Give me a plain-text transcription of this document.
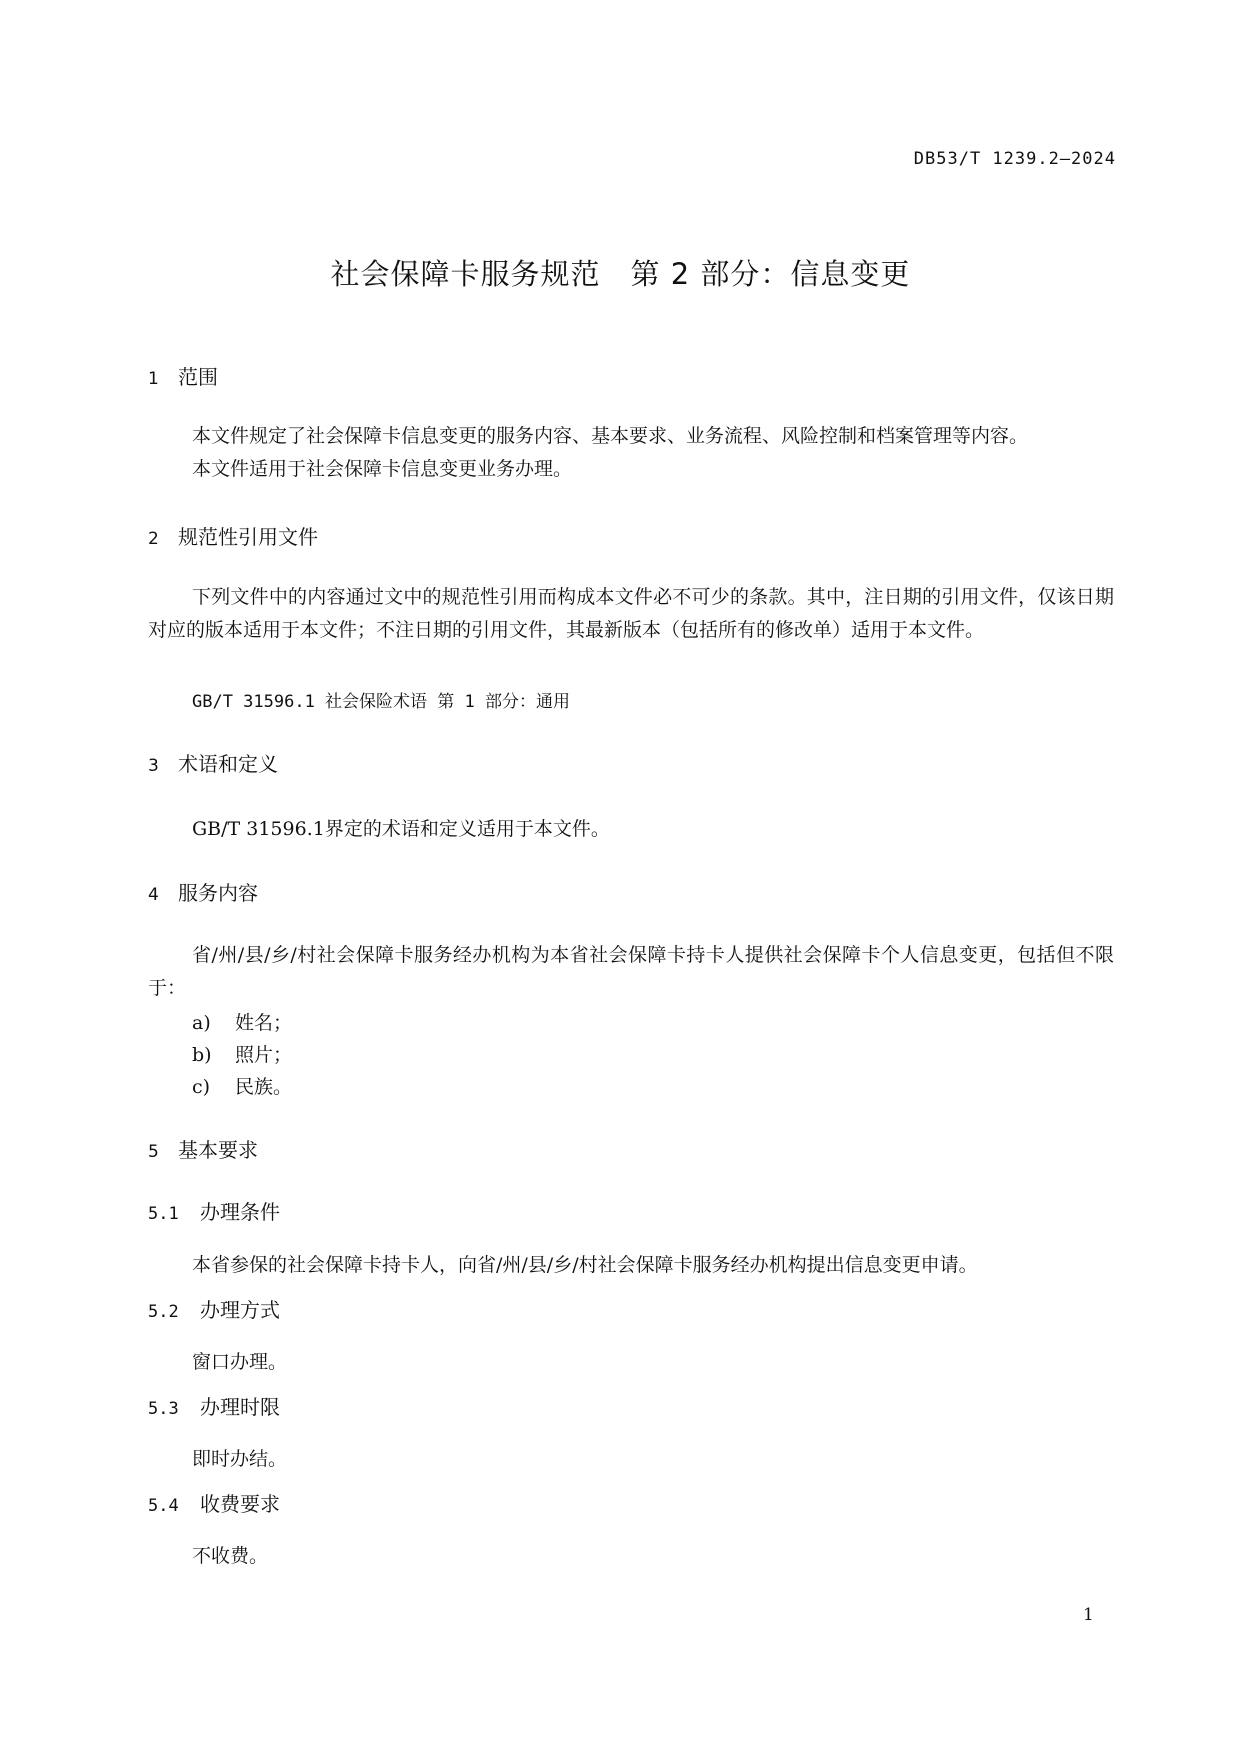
DB53/T 1239.2—2024
社会保障卡服务规范　第 2 部分：信息变更
1 范围
本文件规定了社会保障卡信息变更的服务内容、基本要求、业务流程、风险控制和档案管理等内容。
本文件适用于社会保障卡信息变更业务办理。
2 规范性引用文件
下列文件中的内容通过文中的规范性引用而构成本文件必不可少的条款。其中，注日期的引用文件，仅该日期对应的版本适用于本文件；不注日期的引用文件，其最新版本（包括所有的修改单）适用于本文件。
GB/T 31596.1 社会保险术语 第 1 部分：通用
3 术语和定义
GB/T 31596.1界定的术语和定义适用于本文件。
4 服务内容
省/州/县/乡/村社会保障卡服务经办机构为本省社会保障卡持卡人提供社会保障卡个人信息变更，包括但不限于：
a) 姓名；
b) 照片；
c) 民族。
5 基本要求
5.1 办理条件
本省参保的社会保障卡持卡人，向省/州/县/乡/村社会保障卡服务经办机构提出信息变更申请。
5.2 办理方式
窗口办理。
5.3 办理时限
即时办结。
5.4 收费要求
不收费。
1
